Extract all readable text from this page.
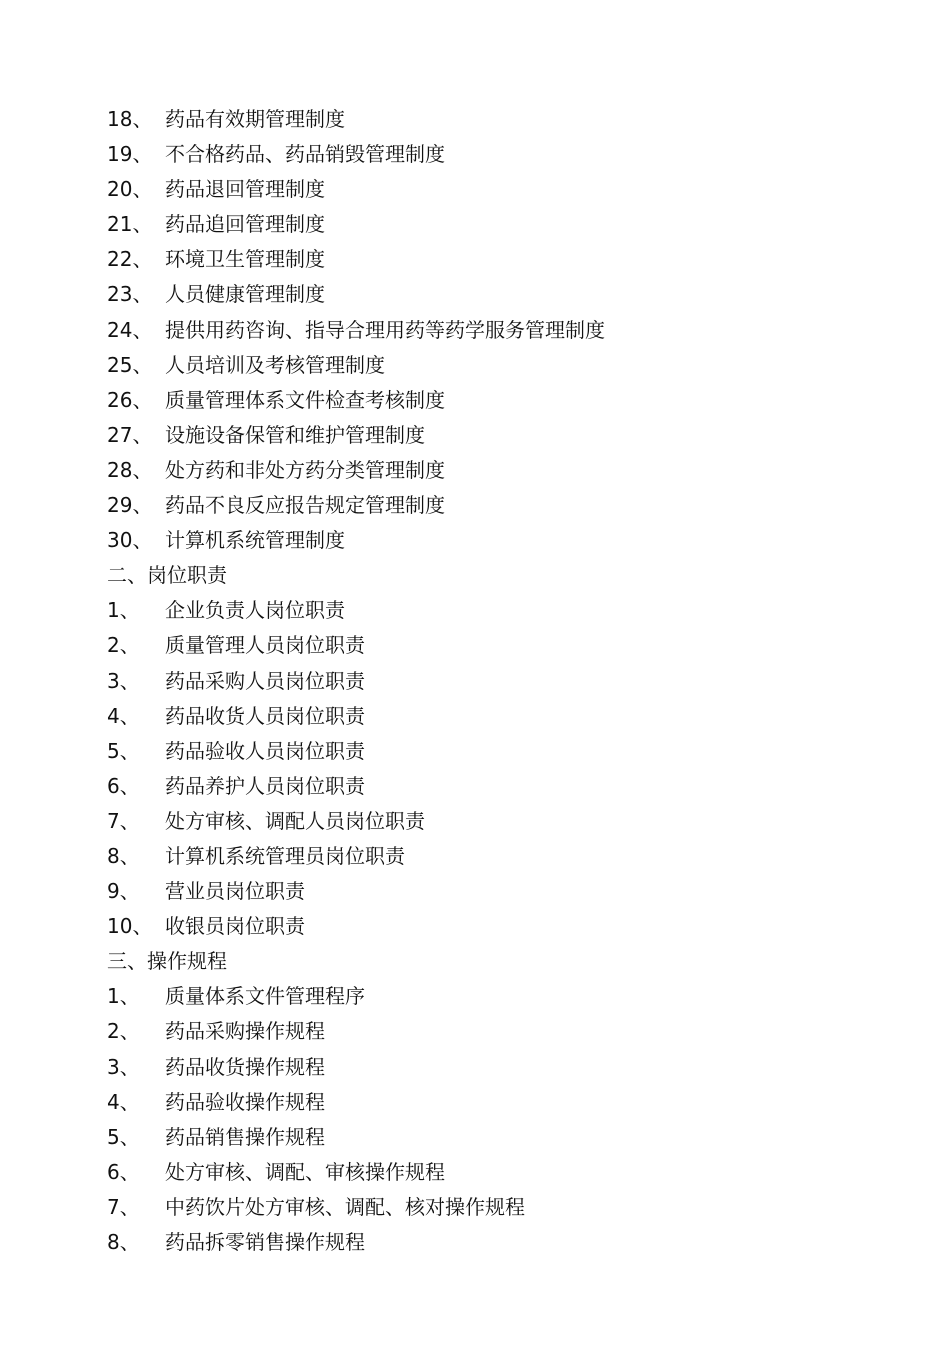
18、 药品有效期管理制度
19、 不合格药品、药品销毁管理制度
20、 药品退回管理制度
21、 药品追回管理制度
22、 环境卫生管理制度
23、 人员健康管理制度
24、 提供用药咨询、指导合理用药等药学服务管理制度
25、 人员培训及考核管理制度
26、 质量管理体系文件检查考核制度
27、 设施设备保管和维护管理制度
28、 处方药和非处方药分类管理制度
29、 药品不良反应报告规定管理制度
30、 计算机系统管理制度
二、岗位职责
1、 企业负责人岗位职责
2、 质量管理人员岗位职责
3、 药品采购人员岗位职责
4、 药品收货人员岗位职责
5、 药品验收人员岗位职责
6、 药品养护人员岗位职责
7、 处方审核、调配人员岗位职责
8、 计算机系统管理员岗位职责
9、 营业员岗位职责
10、 收银员岗位职责
三、操作规程
1、 质量体系文件管理程序
2、 药品采购操作规程
3、 药品收货操作规程
4、 药品验收操作规程
5、 药品销售操作规程
6、 处方审核、调配、审核操作规程
7、 中药饮片处方审核、调配、核对操作规程
8、 药品拆零销售操作规程
